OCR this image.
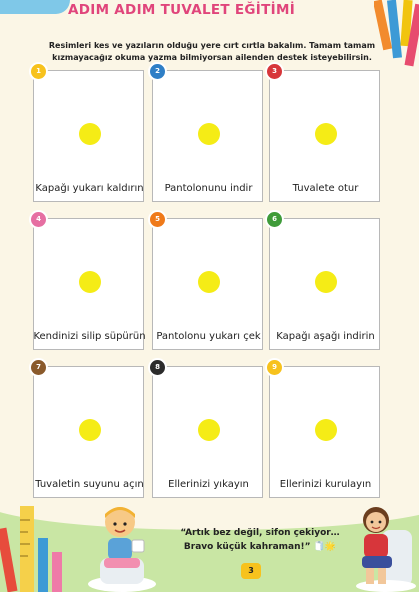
ADIM ADIM TUVALET EĞİTİMİ
Resimleri kes ve yazıların olduğu yere cırt cırtla bakalım. Tamam tamam kızmayacağız okuma yazma bilmiyorsan ailenden destek isteyebilirsin.
Kapağı yukarı kaldırın
1
Pantolonunu indir
2
Tuvalete otur
3
Kendinizi silip süpürün
4
Pantolonu yukarı çek
5
Kapağı aşağı indirin
6
Tuvaletin suyunu açın
7
Ellerinizi yıkayın
8
Ellerinizi kurulayın
9
“Artık bez değil, sifon çekiyor…
Bravo küçük kahraman!” 🧻🌟
3
